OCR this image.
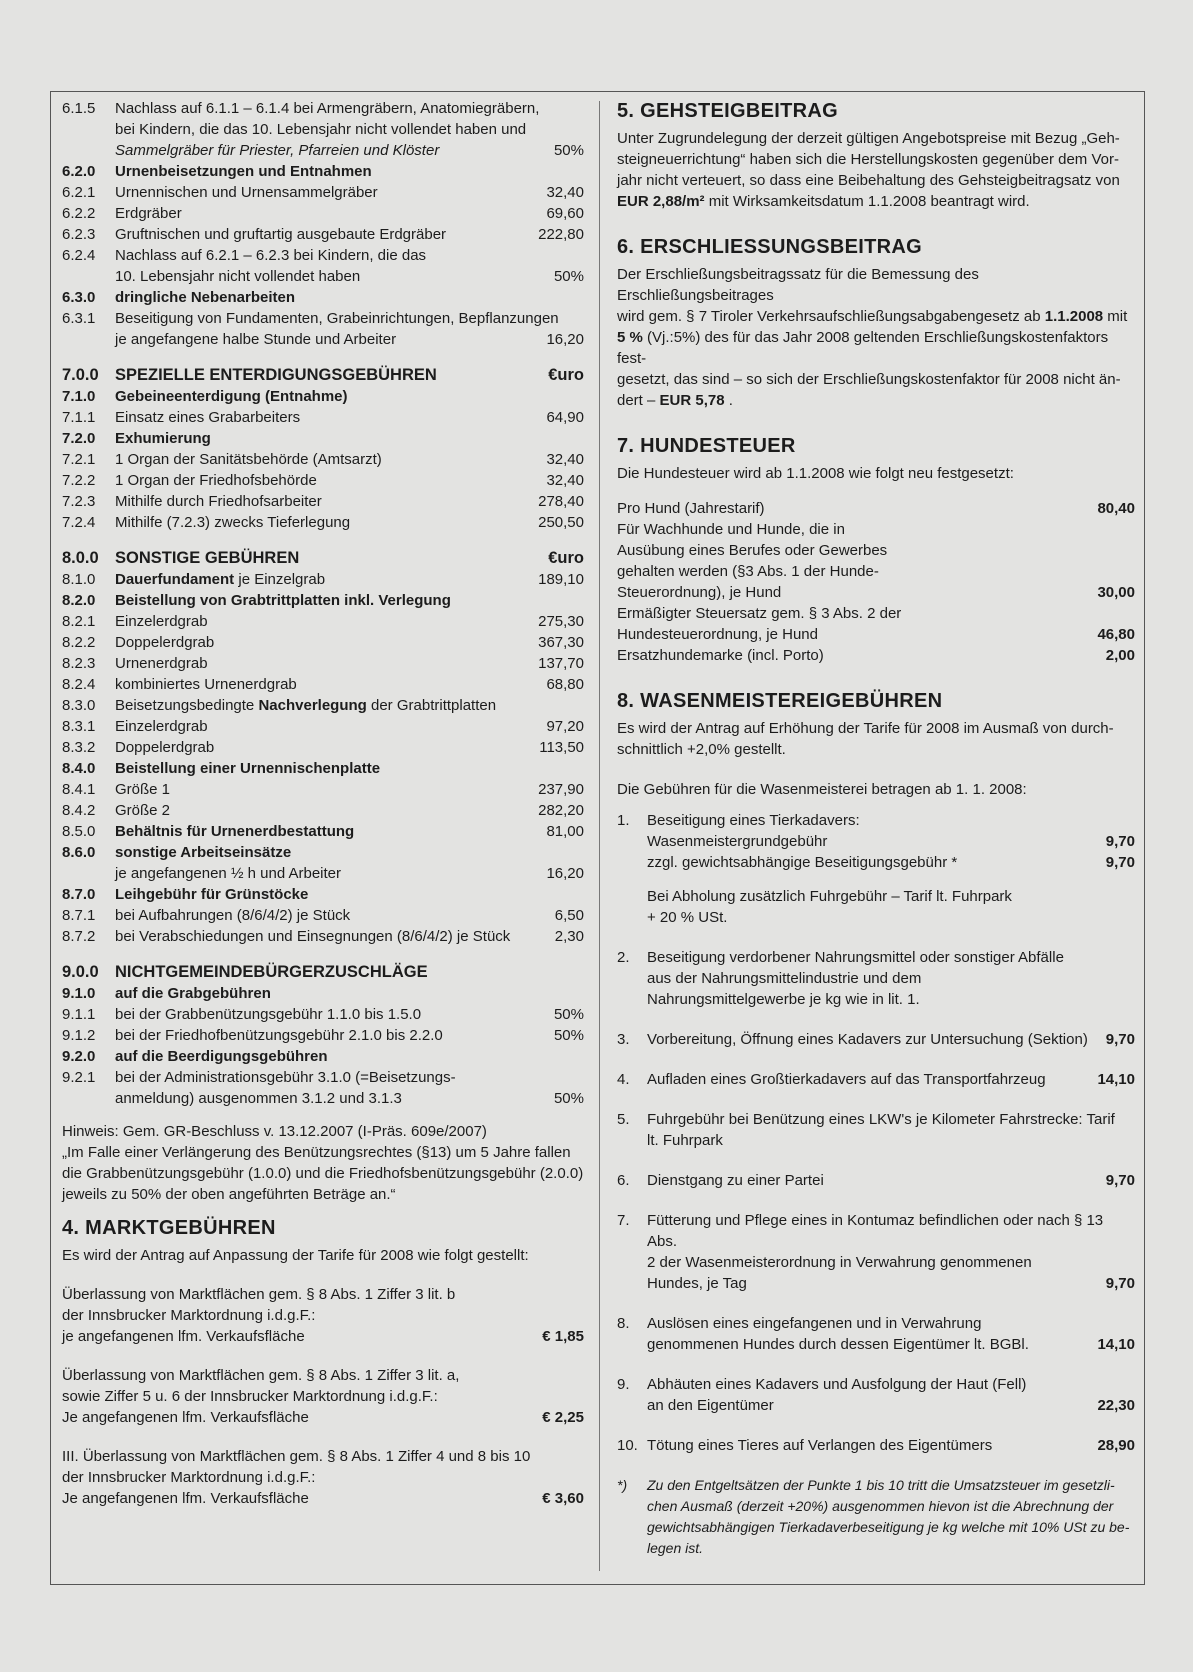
6.1.5	Nachlass auf 6.1.1 – 6.1.4 bei Armengräbern, Anatomiegräbern,
bei Kindern, die das 10. Lebensjahr nicht vollendet haben und
Sammelgräber für Priester, Pfarreien und Klöster	50%
6.2.0	Urnenbeisetzungen und Entnahmen
6.2.1	Urnennischen und Urnensammelgräber	32,40
6.2.2	Erdgräber	69,60
6.2.3	Gruftnischen und gruftartig ausgebaute Erdgräber	222,80
6.2.4	Nachlass auf 6.2.1 – 6.2.3 bei Kindern, die das
10. Lebensjahr nicht vollendet haben	50%
6.3.0	dringliche Nebenarbeiten
6.3.1	Beseitigung von Fundamenten, Grabeinrichtungen, Bepflanzungen
je angefangene halbe Stunde und Arbeiter	16,20
7.0.0 SPEZIELLE ENTERDIGUNGSGEBÜHREN	€uro
7.1.0	Gebeineenterdigung (Entnahme)
7.1.1	Einsatz eines Grabarbeiters	64,90
7.2.0	Exhumierung
7.2.1	1 Organ der Sanitätsbehörde (Amtsarzt)	32,40
7.2.2	1 Organ der Friedhofsbehörde	32,40
7.2.3	Mithilfe durch Friedhofsarbeiter	278,40
7.2.4	Mithilfe (7.2.3) zwecks Tieferlegung	250,50
8.0.0 SONSTIGE GEBÜHREN	€uro
8.1.0	Dauerfundament je Einzelgrab	189,10
8.2.0	Beistellung von Grabtrittplatten inkl. Verlegung
8.2.1	Einzelerdgrab	275,30
8.2.2	Doppelerdgrab	367,30
8.2.3	Urnenerdgrab	137,70
8.2.4	kombiniertes Urnenerdgrab	68,80
8.3.0	Beisetzungsbedingte Nachverlegung der Grabtrittplatten
8.3.1	Einzelerdgrab	97,20
8.3.2	Doppelerdgrab	113,50
8.4.0	Beistellung einer Urnennischenplatte
8.4.1	Größe 1	237,90
8.4.2	Größe 2	282,20
8.5.0	Behältnis für Urnenerdbestattung	81,00
8.6.0	sonstige Arbeitseinsätze
je angefangenen ½ h und Arbeiter	16,20
8.7.0	Leihgebühr für Grünstöcke
8.7.1	bei Aufbahrungen (8/6/4/2) je Stück	6,50
8.7.2	bei Verabschiedungen und Einsegnungen (8/6/4/2) je Stück	2,30
9.0.0 NICHTGEMEINDEBÜRGERZUSCHLÄGE
9.1.0	auf die Grabgebühren
9.1.1	bei der Grabbenützungsgebühr 1.1.0 bis 1.5.0	50%
9.1.2	bei der Friedhofbenützungsgebühr 2.1.0 bis 2.2.0	50%
9.2.0	auf die Beerdigungsgebühren
9.2.1	bei der Administrationsgebühr 3.1.0 (=Beisetzungs-
anmeldung) ausgenommen 3.1.2 und 3.1.3	50%
Hinweis: Gem. GR-Beschluss v. 13.12.2007 (I-Präs. 609e/2007)
„Im Falle einer Verlängerung des Benützungsrechtes (§13) um 5 Jahre fallen
die Grabbenützungsgebühr (1.0.0) und die Friedhofsbenützungsgebühr (2.0.0)
jeweils zu 50% der oben angeführten Beträge an.“
4. MARKTGEBÜHREN
Es wird der Antrag auf Anpassung der Tarife für 2008 wie folgt gestellt:
Überlassung von Marktflächen gem. § 8 Abs. 1 Ziffer 3 lit. b
der Innsbrucker Marktordnung i.d.g.F.:
je angefangenen lfm. Verkaufsfläche	€ 1,85
Überlassung von Marktflächen gem. § 8 Abs. 1 Ziffer 3 lit. a,
sowie Ziffer 5 u. 6 der Innsbrucker Marktordnung i.d.g.F.:
Je angefangenen lfm. Verkaufsfläche	€ 2,25
III. Überlassung von Marktflächen gem. § 8 Abs. 1 Ziffer 4 und 8 bis 10
der Innsbrucker Marktordnung i.d.g.F.:
Je angefangenen lfm. Verkaufsfläche	€ 3,60
5. GEHSTEIGBEITRAG
Unter Zugrundelegung der derzeit gültigen Angebotspreise mit Bezug „Geh-
steigneuerrichtung“ haben sich die Herstellungskosten gegenüber dem Vor-
jahr nicht verteuert, so dass eine Beibehaltung des Gehsteigbeitragsatz von
EUR 2,88/m² mit Wirksamkeitsdatum 1.1.2008 beantragt wird.
6. ERSCHLIESSUNGSBEITRAG
Der Erschließungsbeitragssatz für die Bemessung des Erschließungsbeitrages
wird gem. § 7 Tiroler Verkehrsaufschließungsabgabengesetz ab 1.1.2008 mit
5 % (Vj.:5%) des für das Jahr 2008 geltenden Erschließungskostenfaktors fest-
gesetzt, das sind – so sich der Erschließungskostenfaktor für 2008 nicht än-
dert – EUR 5,78 .
7. HUNDESTEUER
Die Hundesteuer wird ab 1.1.2008 wie folgt neu festgesetzt:
Pro Hund (Jahrestarif)	80,40
Für Wachhunde und Hunde, die in
Ausübung eines Berufes oder Gewerbes
gehalten werden (§3 Abs. 1 der Hunde-
Steuerordnung), je Hund	30,00
Ermäßigter Steuersatz gem. § 3 Abs. 2 der
Hundesteuerordnung, je Hund	46,80
Ersatzhundemarke (incl. Porto)	2,00
8. WASENMEISTEREIGEBÜHREN
Es wird der Antrag auf Erhöhung der Tarife für 2008 im Ausmaß von durch-
schnittlich +2,0% gestellt.
Die Gebühren für die Wasenmeisterei betragen ab 1. 1. 2008:
1.	Beseitigung eines Tierkadavers:
Wasenmeistergrundgebühr	9,70
zzgl. gewichtsabhängige Beseitigungsgebühr *	9,70
Bei Abholung zusätzlich Fuhrgebühr – Tarif lt. Fuhrpark
+ 20 % USt.
2.	Beseitigung verdorbener Nahrungsmittel oder sonstiger Abfälle
aus der Nahrungsmittelindustrie und dem
Nahrungsmittelgewerbe je kg wie in lit. 1.
3.	Vorbereitung, Öffnung eines Kadavers zur Untersuchung (Sektion)	9,70
4.	Aufladen eines Großtierkadavers auf das Transportfahrzeug	14,10
5.	Fuhrgebühr bei Benützung eines LKW's je Kilometer Fahrstrecke: Tarif
lt. Fuhrpark
6.	Dienstgang zu einer Partei	9,70
7.	Fütterung und Pflege eines in Kontumaz befindlichen oder nach § 13 Abs.
2 der Wasenmeisterordnung in Verwahrung genommenen
Hundes, je Tag	9,70
8.	Auslösen eines eingefangenen und in Verwahrung
genommenen Hundes durch dessen Eigentümer lt. BGBl.	14,10
9.	Abhäuten eines Kadavers und Ausfolgung der Haut (Fell)
an den Eigentümer	22,30
10. Tötung eines Tieres auf Verlangen des Eigentümers	28,90
*)	Zu den Entgeltsätzen der Punkte 1 bis 10 tritt die Umsatzsteuer im gesetzli-
chen Ausmaß (derzeit +20%) ausgenommen hievon ist die Abrechnung der
gewichtsabhängigen Tierkadaverbeseitigung je kg welche mit 10% USt zu be-
legen ist.
